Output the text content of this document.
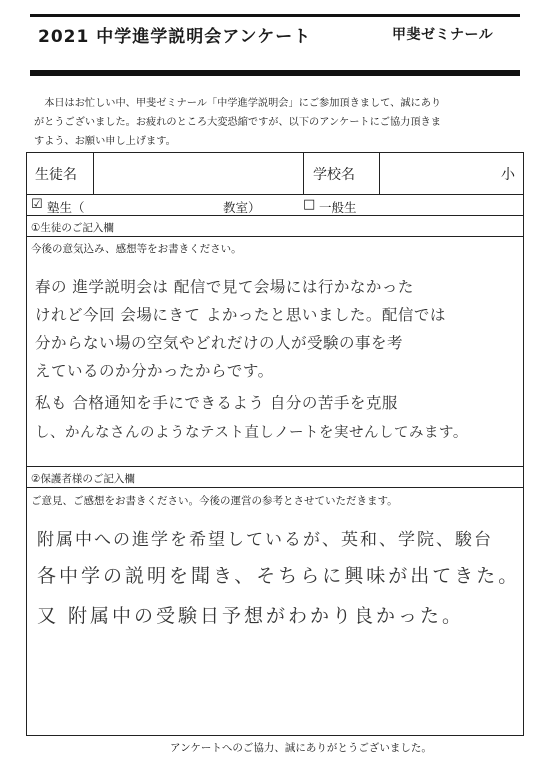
2021 中学進学説明会アンケート	甲斐ゼミナール

本日はお忙しい中、甲斐ゼミナール「中学進学説明会」にご参加頂きまして、誠にあり

がとうございました。お疲れのところ大変恐縮ですが、以下のアンケートにご協力頂きま

すよう、お願い申し上げます。

生徒名	学校名	小
☑ 塾生（	教室）	□ 一般生
①生徒のご記入欄
今後の意気込み、感想等をお書きください。
春の 進学説明会は 配信で見て会場には行かなかった
けれど今回 会場にきて よかったと思いました。配信では
分からない場の空気やどれだけの人が受験の事を考
えているのか分かったからです。
私も 合格通知を手にできるよう 自分の苦手を克服
し、かんなさんのようなテスト直しノートを実せんしてみます。
②保護者様のご記入欄
ご意見、ご感想をお書きください。今後の運営の参考とさせていただきます。
附属中への進学を希望しているが、英和、学院、駿台
各中学の説明を聞き、そちらに興味が出てきた。
又 附属中の受験日予想がわかり良かった。
アンケートへのご協力、誠にありがとうございました。
